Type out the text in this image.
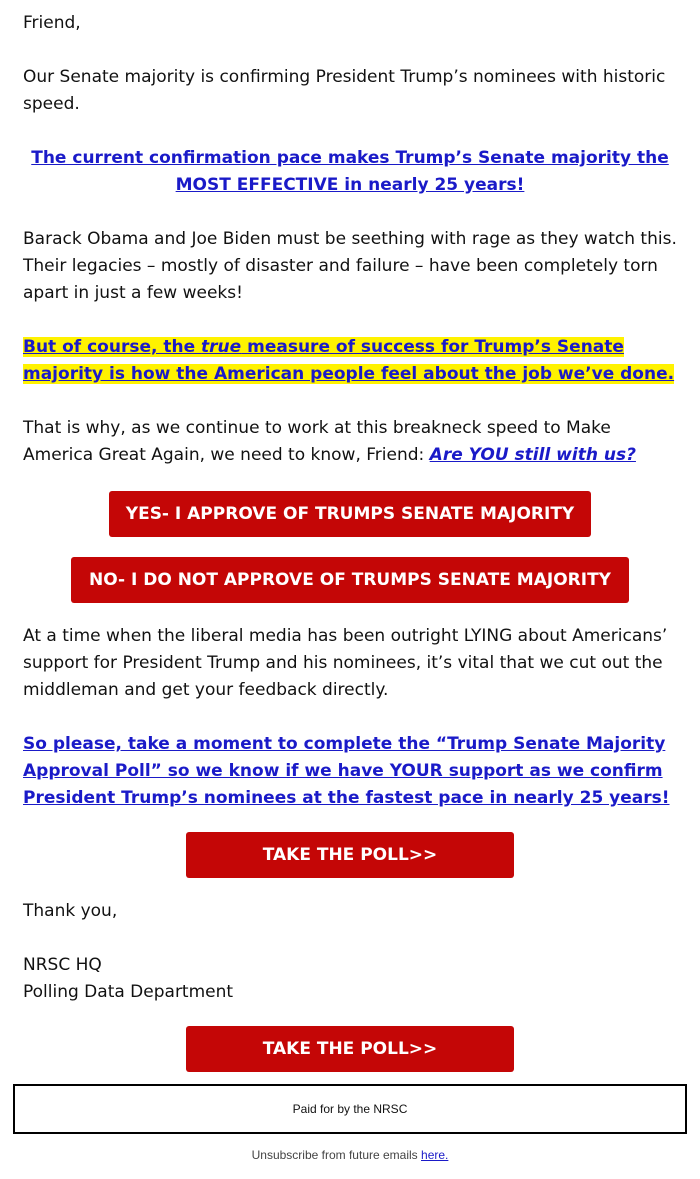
Friend,

Our Senate majority is confirming President Trump’s nominees with historic speed.

The current confirmation pace makes Trump’s Senate majority the MOST EFFECTIVE in nearly 25 years!

Barack Obama and Joe Biden must be seething with rage as they watch this. Their legacies – mostly of disaster and failure – have been completely torn apart in just a few weeks!

But of course, the true measure of success for Trump’s Senate majority is how the American people feel about the job we’ve done.

That is why, as we continue to work at this breakneck speed to Make America Great Again, we need to know, Friend: Are YOU still with us?

YES- I APPROVE OF TRUMPS SENATE MAJORITY
NO- I DO NOT APPROVE OF TRUMPS SENATE MAJORITY

At a time when the liberal media has been outright LYING about Americans’ support for President Trump and his nominees, it’s vital that we cut out the middleman and get your feedback directly.

So please, take a moment to complete the “Trump Senate Majority Approval Poll” so we know if we have YOUR support as we confirm President Trump’s nominees at the fastest pace in nearly 25 years!

TAKE THE POLL>>

Thank you,

NRSC HQ

Polling Data Department

TAKE THE POLL>>
Paid for by the NRSC
Unsubscribe from future emails here.
